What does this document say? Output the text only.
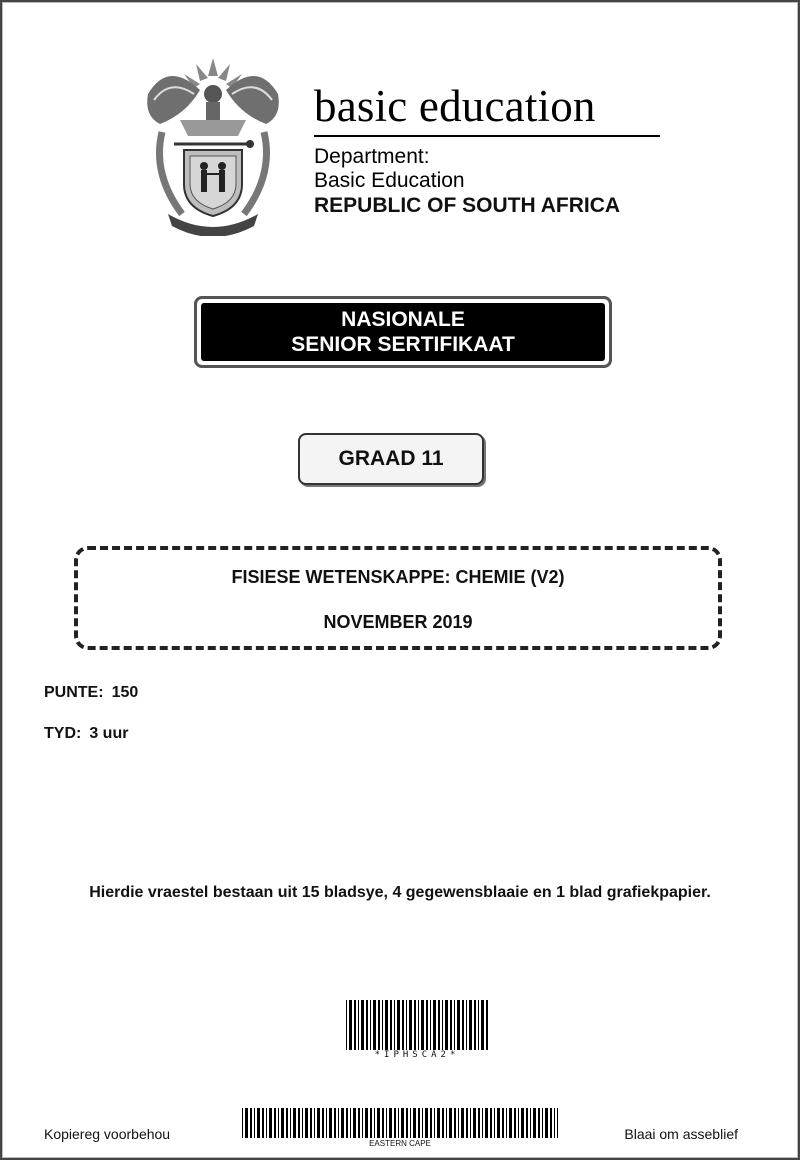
basic education
Department:
Basic Education
REPUBLIC OF SOUTH AFRICA
NASIONALE
SENIOR SERTIFIKAAT
GRAAD 11
FISIESE WETENSKAPPE: CHEMIE (V2)
NOVEMBER 2019
PUNTE: 150
TYD: 3 uur
Hierdie vraestel bestaan uit 15 bladsye, 4 gegewensblaaie en 1 blad grafiekpapier.
*IPHSCA2*
EASTERN CAPE
Kopiereg voorbehou	Blaai om asseblief
